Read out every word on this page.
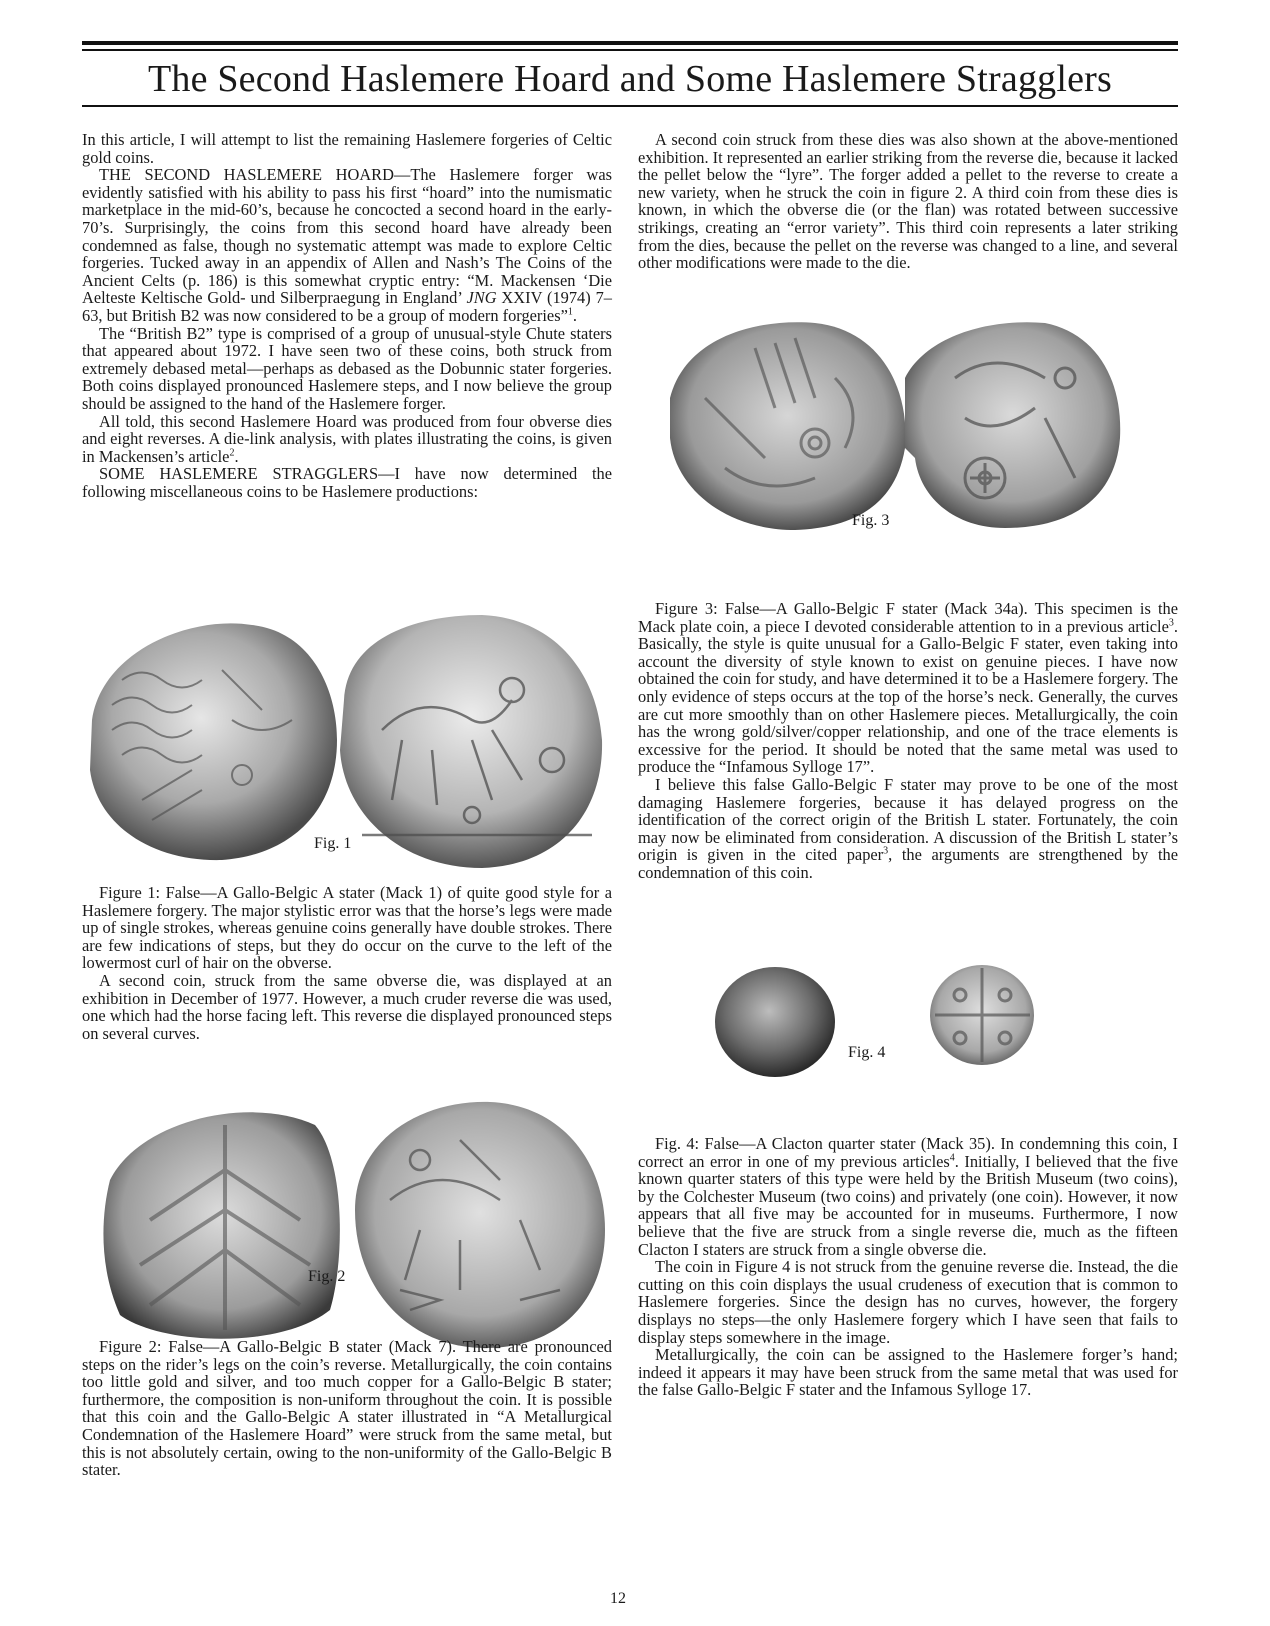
The Second Haslemere Hoard and Some Haslemere Stragglers

In this article, I will attempt to list the remaining Haslemere forgeries of Celtic gold coins.

THE SECOND HASLEMERE HOARD—The Haslemere forger was evidently satisfied with his ability to pass his first “hoard” into the numismatic marketplace in the mid-60’s, because he concocted a second hoard in the early-70’s. Surprisingly, the coins from this second hoard have already been condemned as false, though no systematic attempt was made to explore Celtic forgeries. Tucked away in an appendix of Allen and Nash’s The Coins of the Ancient Celts (p. 186) is this somewhat cryptic entry: “M. Mackensen ‘Die Aelteste Keltische Gold- und Silberpraegung in England’ JNG XXIV (1974) 7–63, but British B2 was now considered to be a group of modern forgeries”$^1$.

The “British B2” type is comprised of a group of unusual-style Chute staters that appeared about 1972. I have seen two of these coins, both struck from extremely debased metal—perhaps as debased as the Dobunnic stater forgeries. Both coins displayed pronounced Haslemere steps, and I now believe the group should be assigned to the hand of the Haslemere forger.

All told, this second Haslemere Hoard was produced from four obverse dies and eight reverses. A die-link analysis, with plates illustrating the coins, is given in Mackensen’s article$^2$.

SOME HASLEMERE STRAGGLERS—I have now determined the following miscellaneous coins to be Haslemere productions:

Fig. 1

Figure 1: False—A Gallo-Belgic A stater (Mack 1) of quite good style for a Haslemere forgery. The major stylistic error was that the horse’s legs were made up of single strokes, whereas genuine coins generally have double strokes. There are few indications of steps, but they do occur on the curve to the left of the lowermost curl of hair on the obverse.

A second coin, struck from the same obverse die, was displayed at an exhibition in December of 1977. However, a much cruder reverse die was used, one which had the horse facing left. This reverse die displayed pronounced steps on several curves.

Fig. 2

Figure 2: False—A Gallo-Belgic B stater (Mack 7). There are pronounced steps on the rider’s legs on the coin’s reverse. Metallurgically, the coin contains too little gold and silver, and too much copper for a Gallo-Belgic B stater; furthermore, the composition is non-uniform throughout the coin. It is possible that this coin and the Gallo-Belgic A stater illustrated in “A Metallurgical Condemnation of the Haslemere Hoard” were struck from the same metal, but this is not absolutely certain, owing to the non-uniformity of the Gallo-Belgic B stater.

A second coin struck from these dies was also shown at the above-mentioned exhibition. It represented an earlier striking from the reverse die, because it lacked the pellet below the “lyre”. The forger added a pellet to the reverse to create a new variety, when he struck the coin in figure 2. A third coin from these dies is known, in which the obverse die (or the flan) was rotated between successive strikings, creating an “error variety”. This third coin represents a later striking from the dies, because the pellet on the reverse was changed to a line, and several other modifications were made to the die.

Fig. 3

Figure 3: False—A Gallo-Belgic F stater (Mack 34a). This specimen is the Mack plate coin, a piece I devoted considerable attention to in a previous article$^3$. Basically, the style is quite unusual for a Gallo-Belgic F stater, even taking into account the diversity of style known to exist on genuine pieces. I have now obtained the coin for study, and have determined it to be a Haslemere forgery. The only evidence of steps occurs at the top of the horse’s neck. Generally, the curves are cut more smoothly than on other Haslemere pieces. Metallurgically, the coin has the wrong gold/silver/copper relationship, and one of the trace elements is excessive for the period. It should be noted that the same metal was used to produce the “Infamous Sylloge 17”.

I believe this false Gallo-Belgic F stater may prove to be one of the most damaging Haslemere forgeries, because it has delayed progress on the identification of the correct origin of the British L stater. Fortunately, the coin may now be eliminated from consideration. A discussion of the British L stater’s origin is given in the cited paper$^3$, the arguments are strengthened by the condemnation of this coin.

Fig. 4

Fig. 4: False—A Clacton quarter stater (Mack 35). In condemning this coin, I correct an error in one of my previous articles$^4$. Initially, I believed that the five known quarter staters of this type were held by the British Museum (two coins), by the Colchester Museum (two coins) and privately (one coin). However, it now appears that all five may be accounted for in museums. Furthermore, I now believe that the five are struck from a single reverse die, much as the fifteen Clacton I staters are struck from a single obverse die.

The coin in Figure 4 is not struck from the genuine reverse die. Instead, the die cutting on this coin displays the usual crudeness of execution that is common to Haslemere forgeries. Since the design has no curves, however, the forgery displays no steps—the only Haslemere forgery which I have seen that fails to display steps somewhere in the image.

Metallurgically, the coin can be assigned to the Haslemere forger’s hand; indeed it appears it may have been struck from the same metal that was used for the false Gallo-Belgic F stater and the Infamous Sylloge 17.

12
